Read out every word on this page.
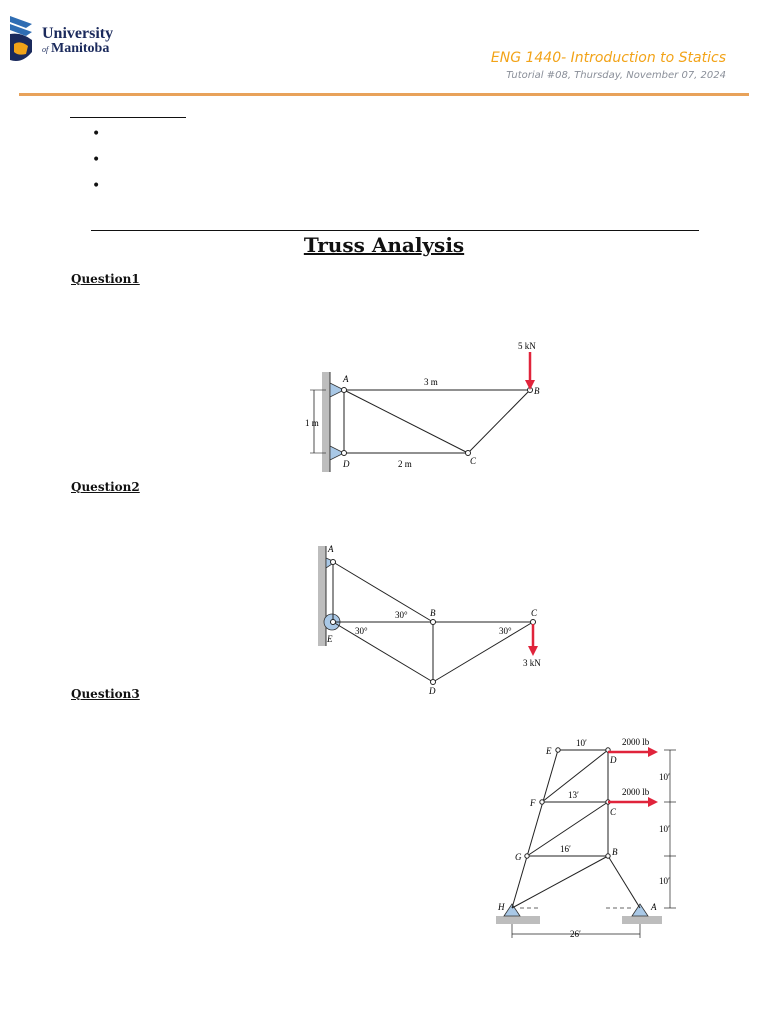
University
of Manitoba
ENG 1440- Introduction to Statics
Tutorial #08, Thursday, November 07, 2024
•
•
•
Truss Analysis
Question1
5 kN
3 m
2 m
1 m
A
B
C
D
Question2
A
B	C
D
E
30°
30°	30°
3 kN
Question3
E
D
F
C
G	B
H	A
10′
13′
16′
26′
10′
10′
10′
2000 lb
2000 lb
